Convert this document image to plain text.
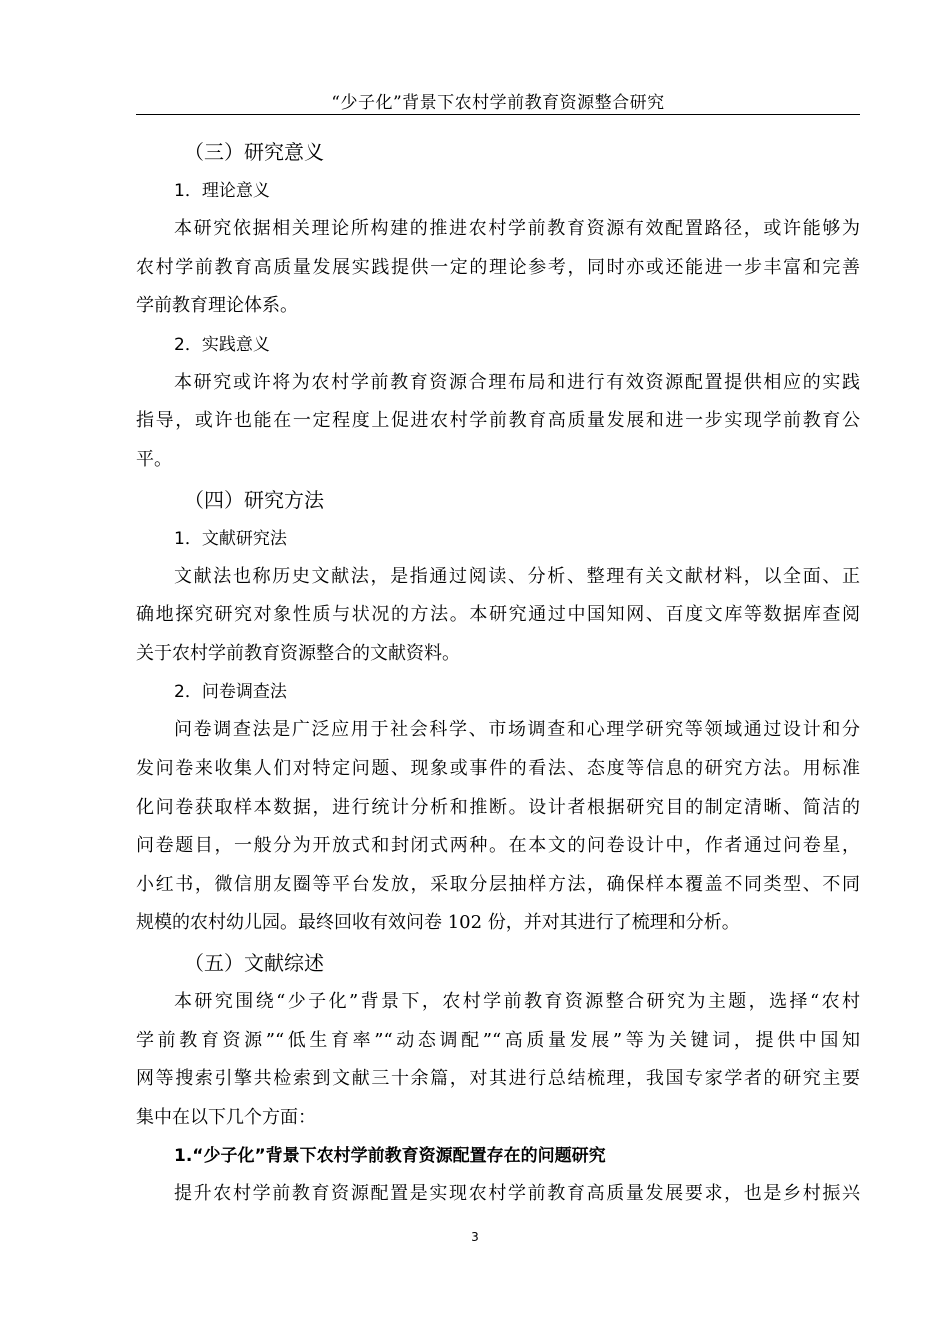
“少子化”背景下农村学前教育资源整合研究
（三）研究意义
1．理论意义
本研究依据相关理论所构建的推进农村学前教育资源有效配置路径，或许能够为
农村学前教育高质量发展实践提供一定的理论参考，同时亦或还能进一步丰富和完善
学前教育理论体系。
2．实践意义
本研究或许将为农村学前教育资源合理布局和进行有效资源配置提供相应的实践
指导，或许也能在一定程度上促进农村学前教育高质量发展和进一步实现学前教育公
平。
（四）研究方法
1．文献研究法
文献法也称历史文献法，是指通过阅读、分析、整理有关文献材料，以全面、正
确地探究研究对象性质与状况的方法。本研究通过中国知网、百度文库等数据库查阅
关于农村学前教育资源整合的文献资料。
2．问卷调查法
问卷调查法是广泛应用于社会科学、市场调查和心理学研究等领域通过设计和分
发问卷来收集人们对特定问题、现象或事件的看法、态度等信息的研究方法。用标准
化问卷获取样本数据，进行统计分析和推断。设计者根据研究目的制定清晰、简洁的
问卷题目，一般分为开放式和封闭式两种。在本文的问卷设计中，作者通过问卷星，
小红书，微信朋友圈等平台发放，采取分层抽样方法，确保样本覆盖不同类型、不同
规模的农村幼儿园。最终回收有效问卷 102 份，并对其进行了梳理和分析。
（五）文献综述
本研究围绕“少子化”背景下，农村学前教育资源整合研究为主题，选择“农村
学前教育资源”“低生育率”“动态调配”“高质量发展”等为关键词，提供中国知
网等搜索引擎共检索到文献三十余篇，对其进行总结梳理，我国专家学者的研究主要
集中在以下几个方面：
1.“少子化”背景下农村学前教育资源配置存在的问题研究
提升农村学前教育资源配置是实现农村学前教育高质量发展要求，也是乡村振兴
3
